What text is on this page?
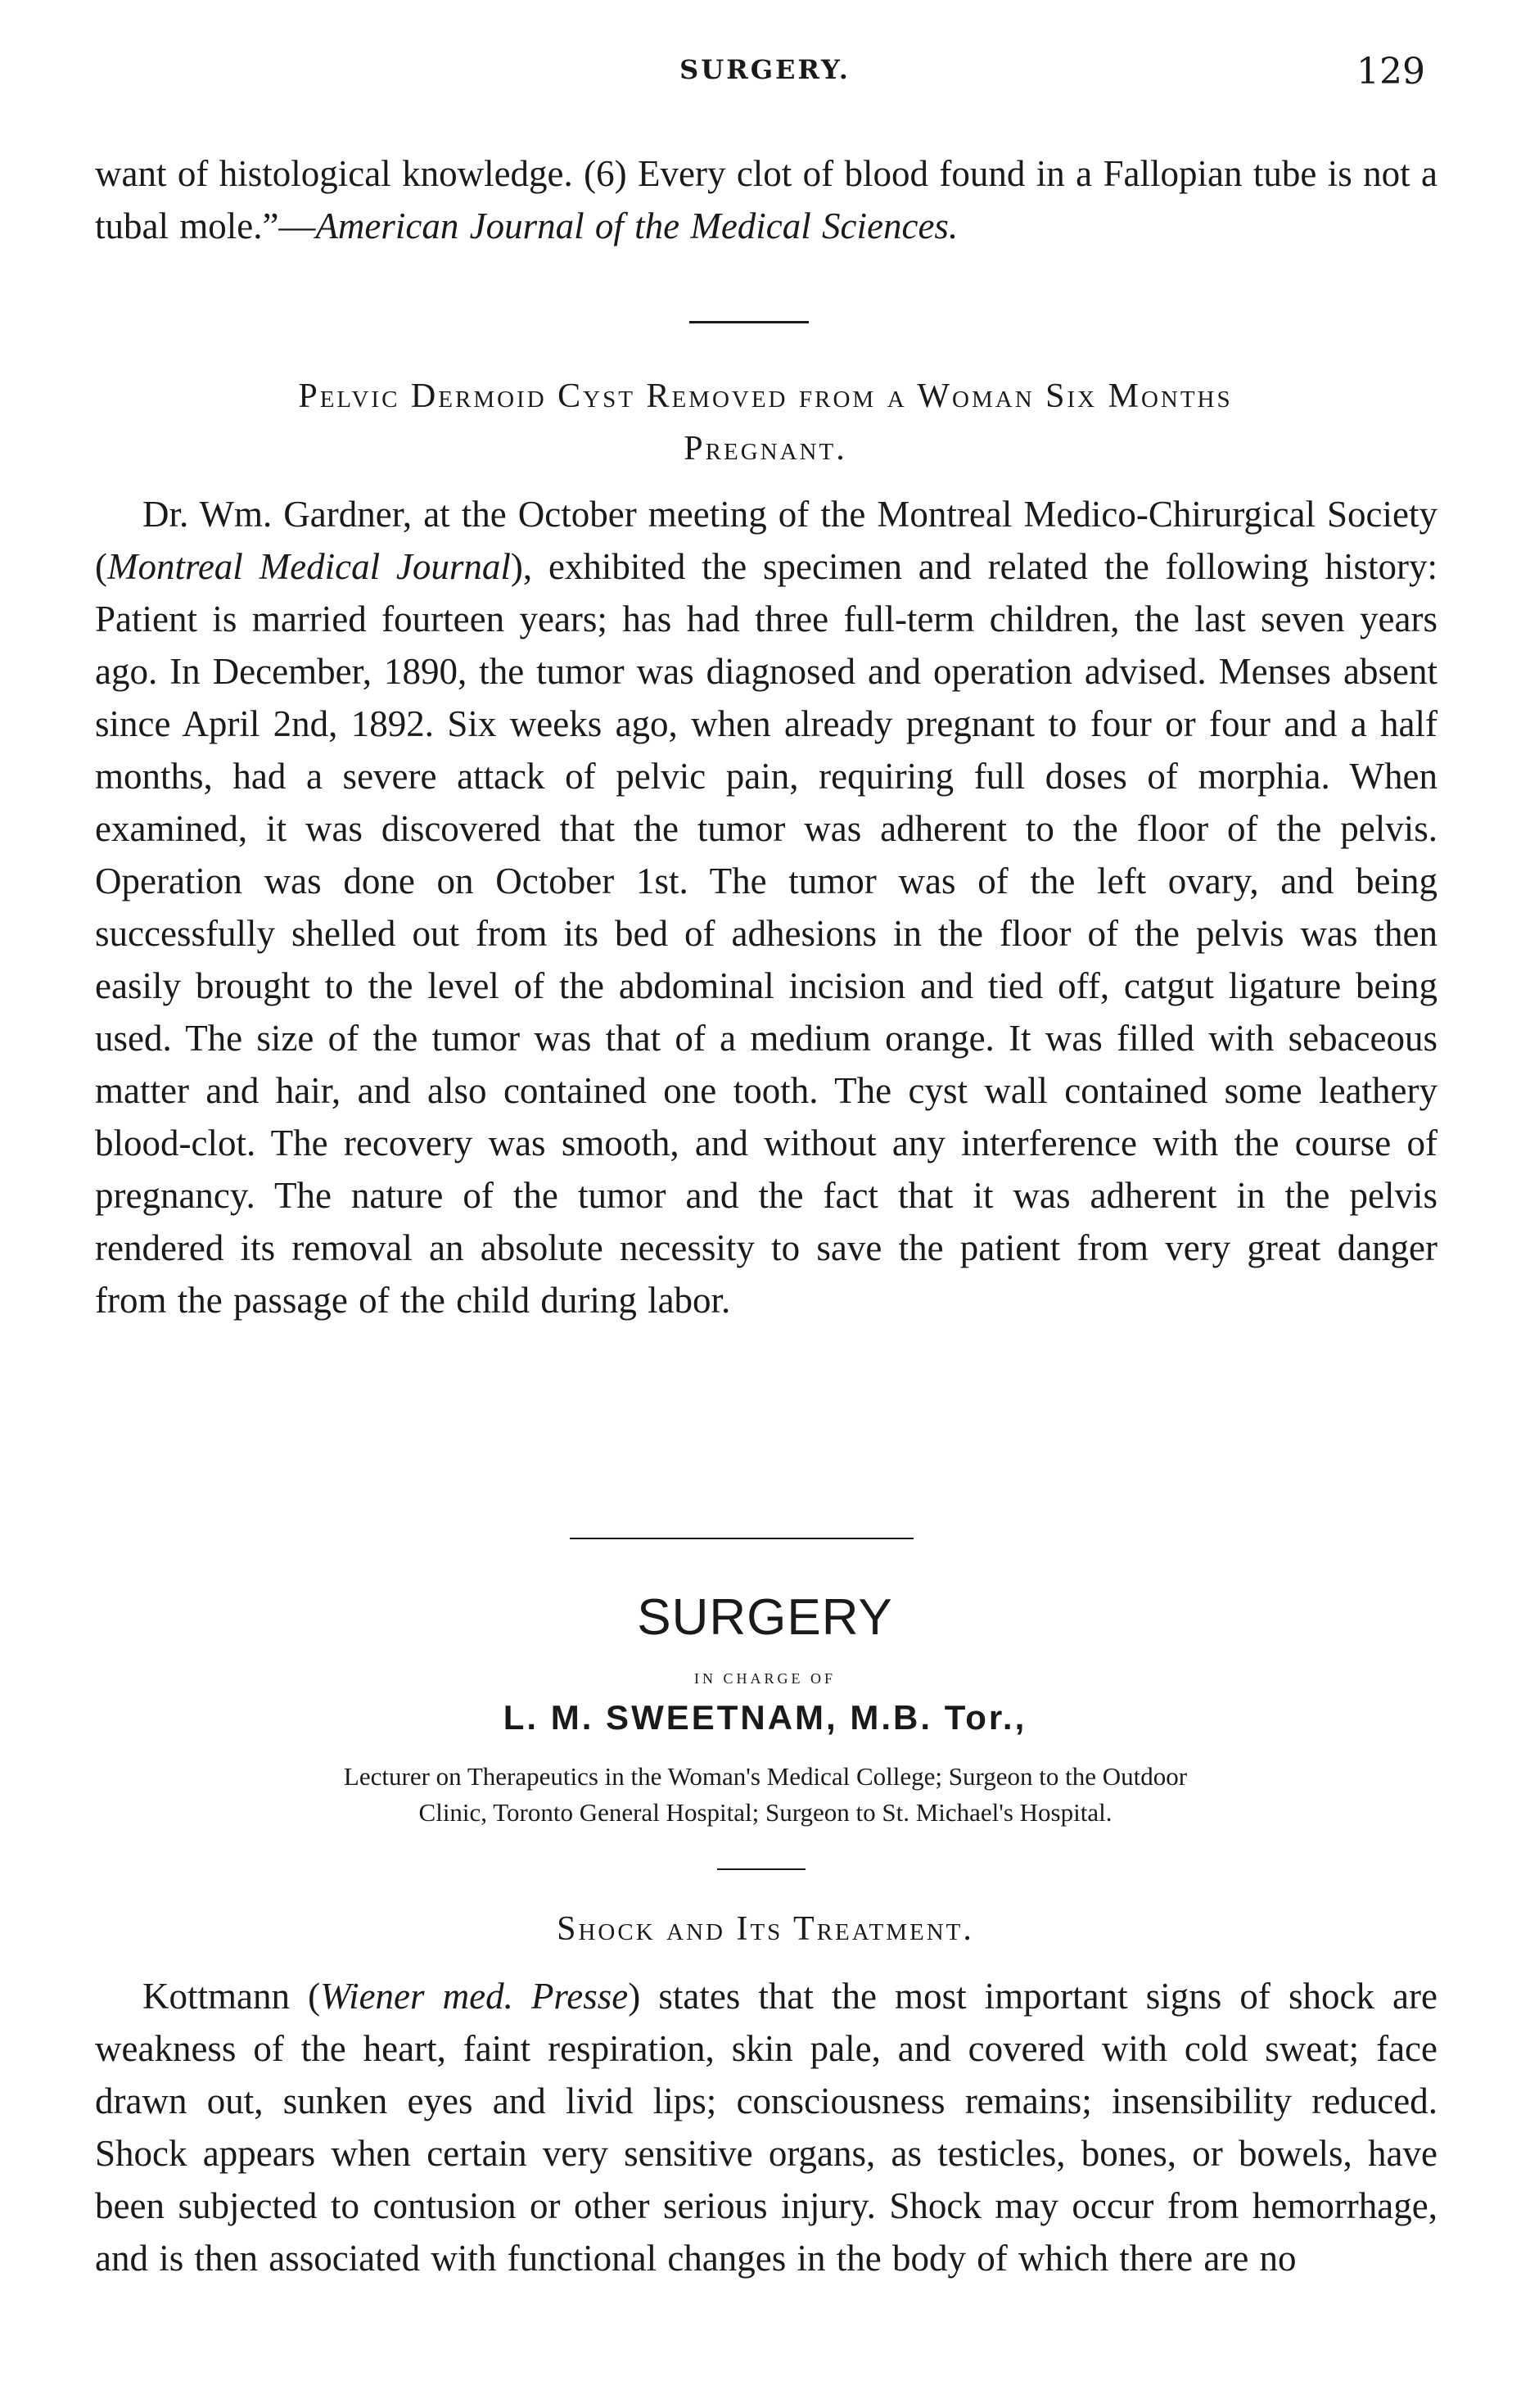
SURGERY.	129

want of histological knowledge. (6) Every clot of blood found in a Fallopian tube is not a tubal mole.”—American Journal of the Medical Sciences.

Pelvic Dermoid Cyst Removed from a Woman Six Months
Pregnant.

Dr. Wm. Gardner, at the October meeting of the Montreal Medico-Chirurgical Society (Montreal Medical Journal), exhibited the specimen and related the following history: Patient is married fourteen years; has had three full-term children, the last seven years ago. In December, 1890, the tumor was diagnosed and operation advised. Menses absent since April 2nd, 1892. Six weeks ago, when already pregnant to four or four and a half months, had a severe attack of pelvic pain, requiring full doses of morphia. When examined, it was discovered that the tumor was adherent to the floor of the pelvis. Operation was done on October 1st. The tumor was of the left ovary, and being successfully shelled out from its bed of adhesions in the floor of the pelvis was then easily brought to the level of the abdominal incision and tied off, catgut ligature being used. The size of the tumor was that of a medium orange. It was filled with sebaceous matter and hair, and also contained one tooth. The cyst wall contained some leathery blood-clot. The recovery was smooth, and without any interference with the course of pregnancy. The nature of the tumor and the fact that it was adherent in the pelvis rendered its removal an absolute necessity to save the patient from very great danger from the passage of the child during labor.

SURGERY
IN CHARGE OF
L. M. SWEETNAM, M.B. Tor.,
Lecturer on Therapeutics in the Woman's Medical College; Surgeon to the Outdoor
Clinic, Toronto General Hospital; Surgeon to St. Michael's Hospital.
Shock and Its Treatment.

Kottmann (Wiener med. Presse) states that the most important signs of shock are weakness of the heart, faint respiration, skin pale, and covered with cold sweat; face drawn out, sunken eyes and livid lips; consciousness remains; insensibility reduced. Shock appears when certain very sensitive organs, as testicles, bones, or bowels, have been subjected to contusion or other serious injury. Shock may occur from hemorrhage, and is then associated with functional changes in the body of which there are no
